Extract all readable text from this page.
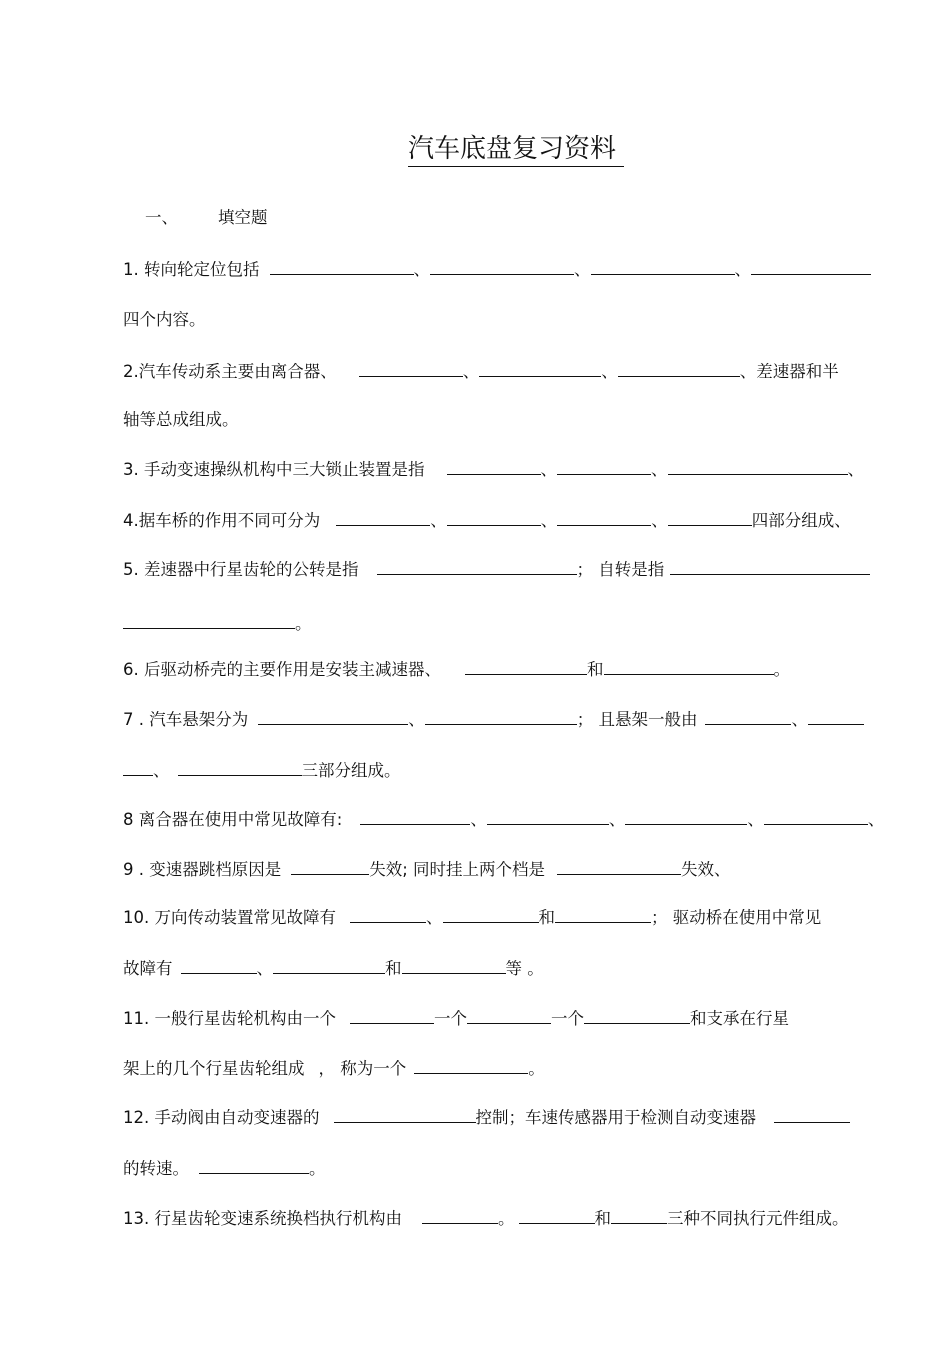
汽车底盘复习资料
一、 填空题
1. 转向轮定位包括	、	、	、
四个内容。
2.汽车传动系主要由离合器、	、	、	、差速器和半
轴等总成组成。
3. 手动变速操纵机构中三大锁止装置是指	、	、	、
4.据车桥的作用不同可分为	、	、	、	四部分组成、
5. 差速器中行星齿轮的公转是指	； 自转是指
。
6. 后驱动桥壳的主要作用是安装主减速器、	和	。
7 . 汽车悬架分为	、	； 且悬架一般由	、
、	三部分组成。
8 离合器在使用中常见故障有:	、	、	、	、
9 . 变速器跳档原因是	失效; 同时挂上两个档是	失效、
10. 万向传动装置常见故障有	、	和	； 驱动桥在使用中常见
故障有	、	和	等 。
11. 一般行星齿轮机构由一个	一个	一个	和支承在行星
架上的几个行星齿轮组成 ， 称为一个	。
12. 手动阀由自动变速器的	控制；车速传感器用于检测自动变速器
的转速。	。
13. 行星齿轮变速系统换档执行机构由	。	和	三种不同执行元件组成。
